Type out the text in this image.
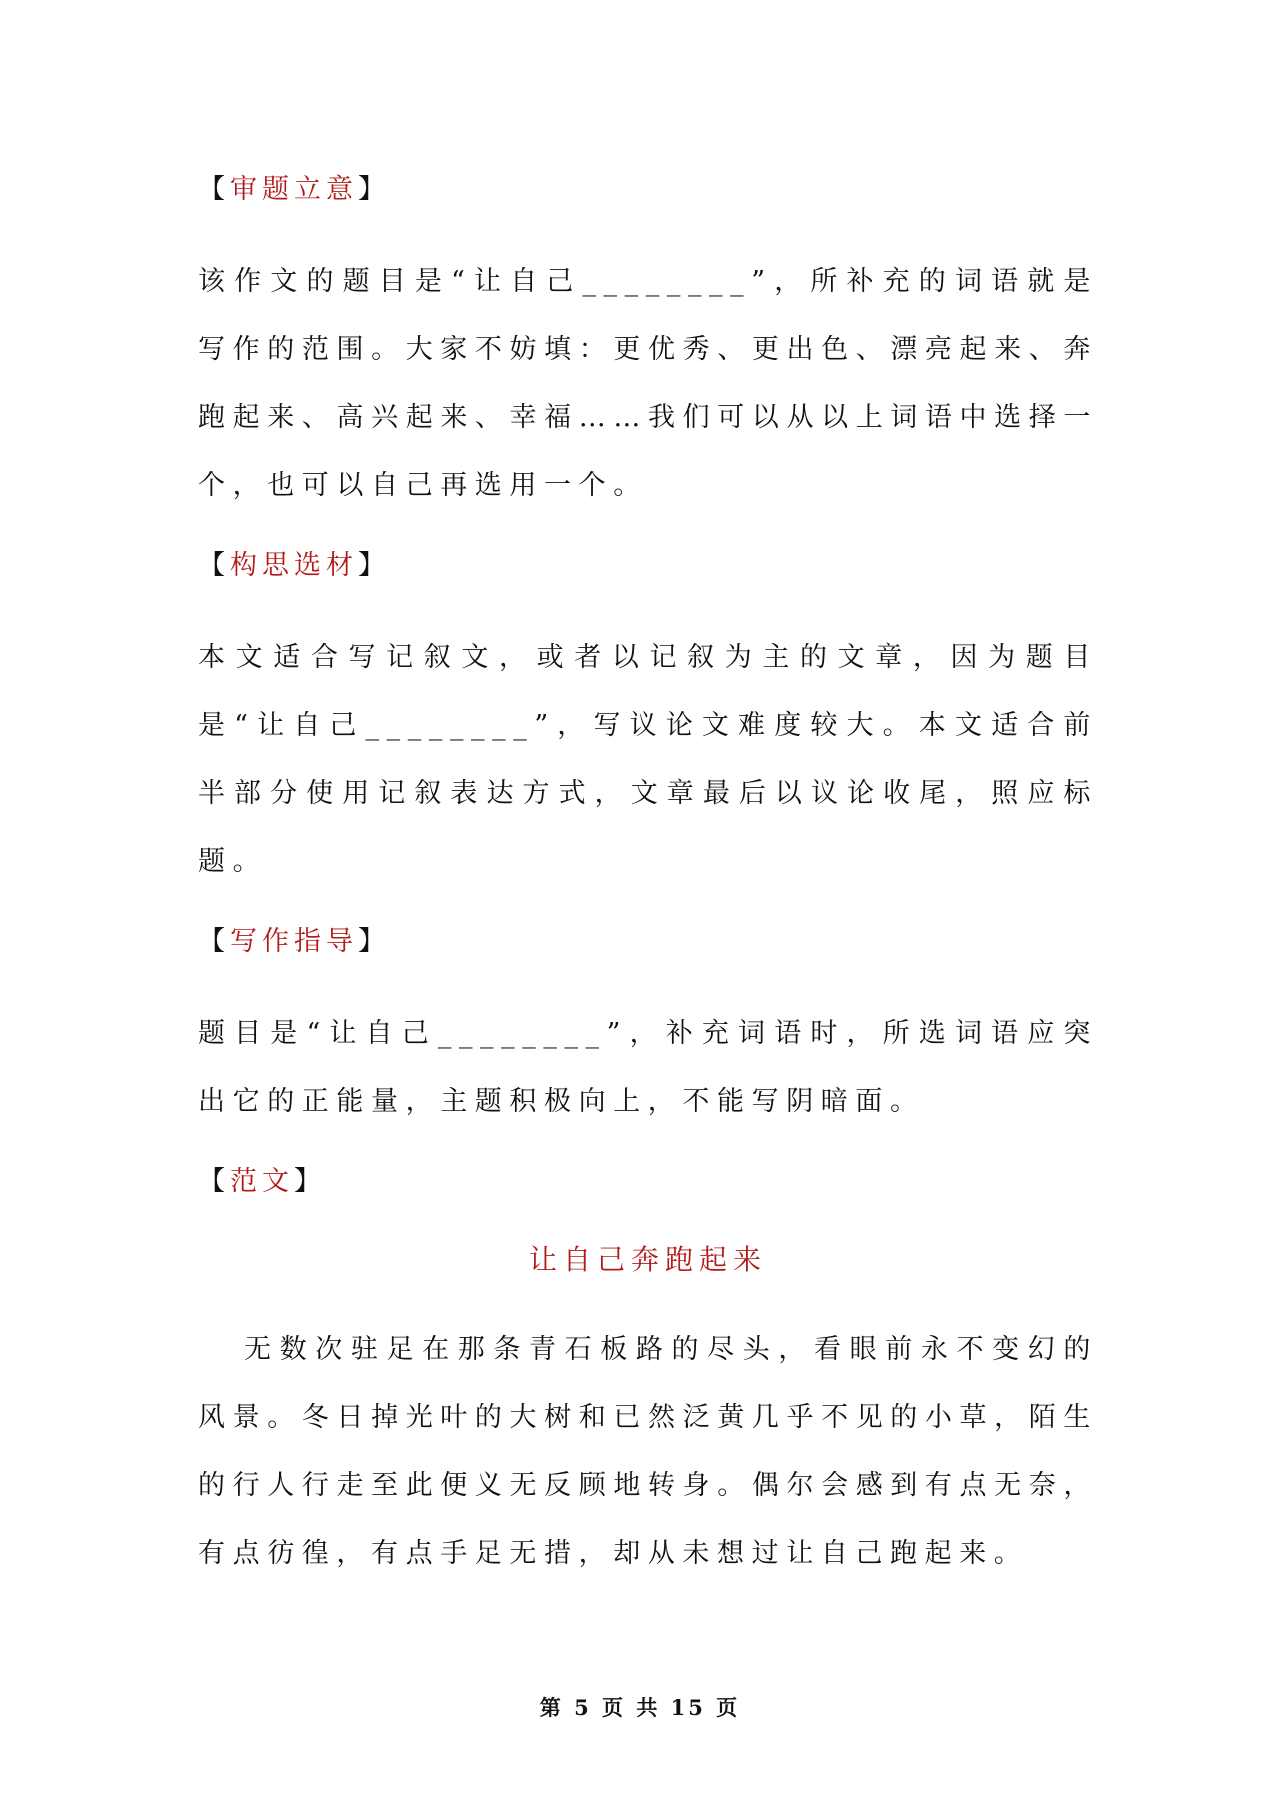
【审题立意】

该作文的题目是“让自己________”，所补充的词语就是写作的范围。大家不妨填：更优秀、更出色、漂亮起来、奔跑起来、高兴起来、幸福……我们可以从以上词语中选择一个，也可以自己再选用一个。

【构思选材】

本文适合写记叙文，或者以记叙为主的文章，因为题目是“让自己________”，写议论文难度较大。本文适合前半部分使用记叙表达方式，文章最后以议论收尾，照应标题。

【写作指导】

题目是“让自己________”，补充词语时，所选词语应突出它的正能量，主题积极向上，不能写阴暗面。

【范文】
让自己奔跑起来

无数次驻足在那条青石板路的尽头，看眼前永不变幻的风景。冬日掉光叶的大树和已然泛黄几乎不见的小草，陌生的行人行走至此便义无反顾地转身。偶尔会感到有点无奈，有点彷徨，有点手足无措，却从未想过让自己跑起来。

第 5 页 共 15 页
